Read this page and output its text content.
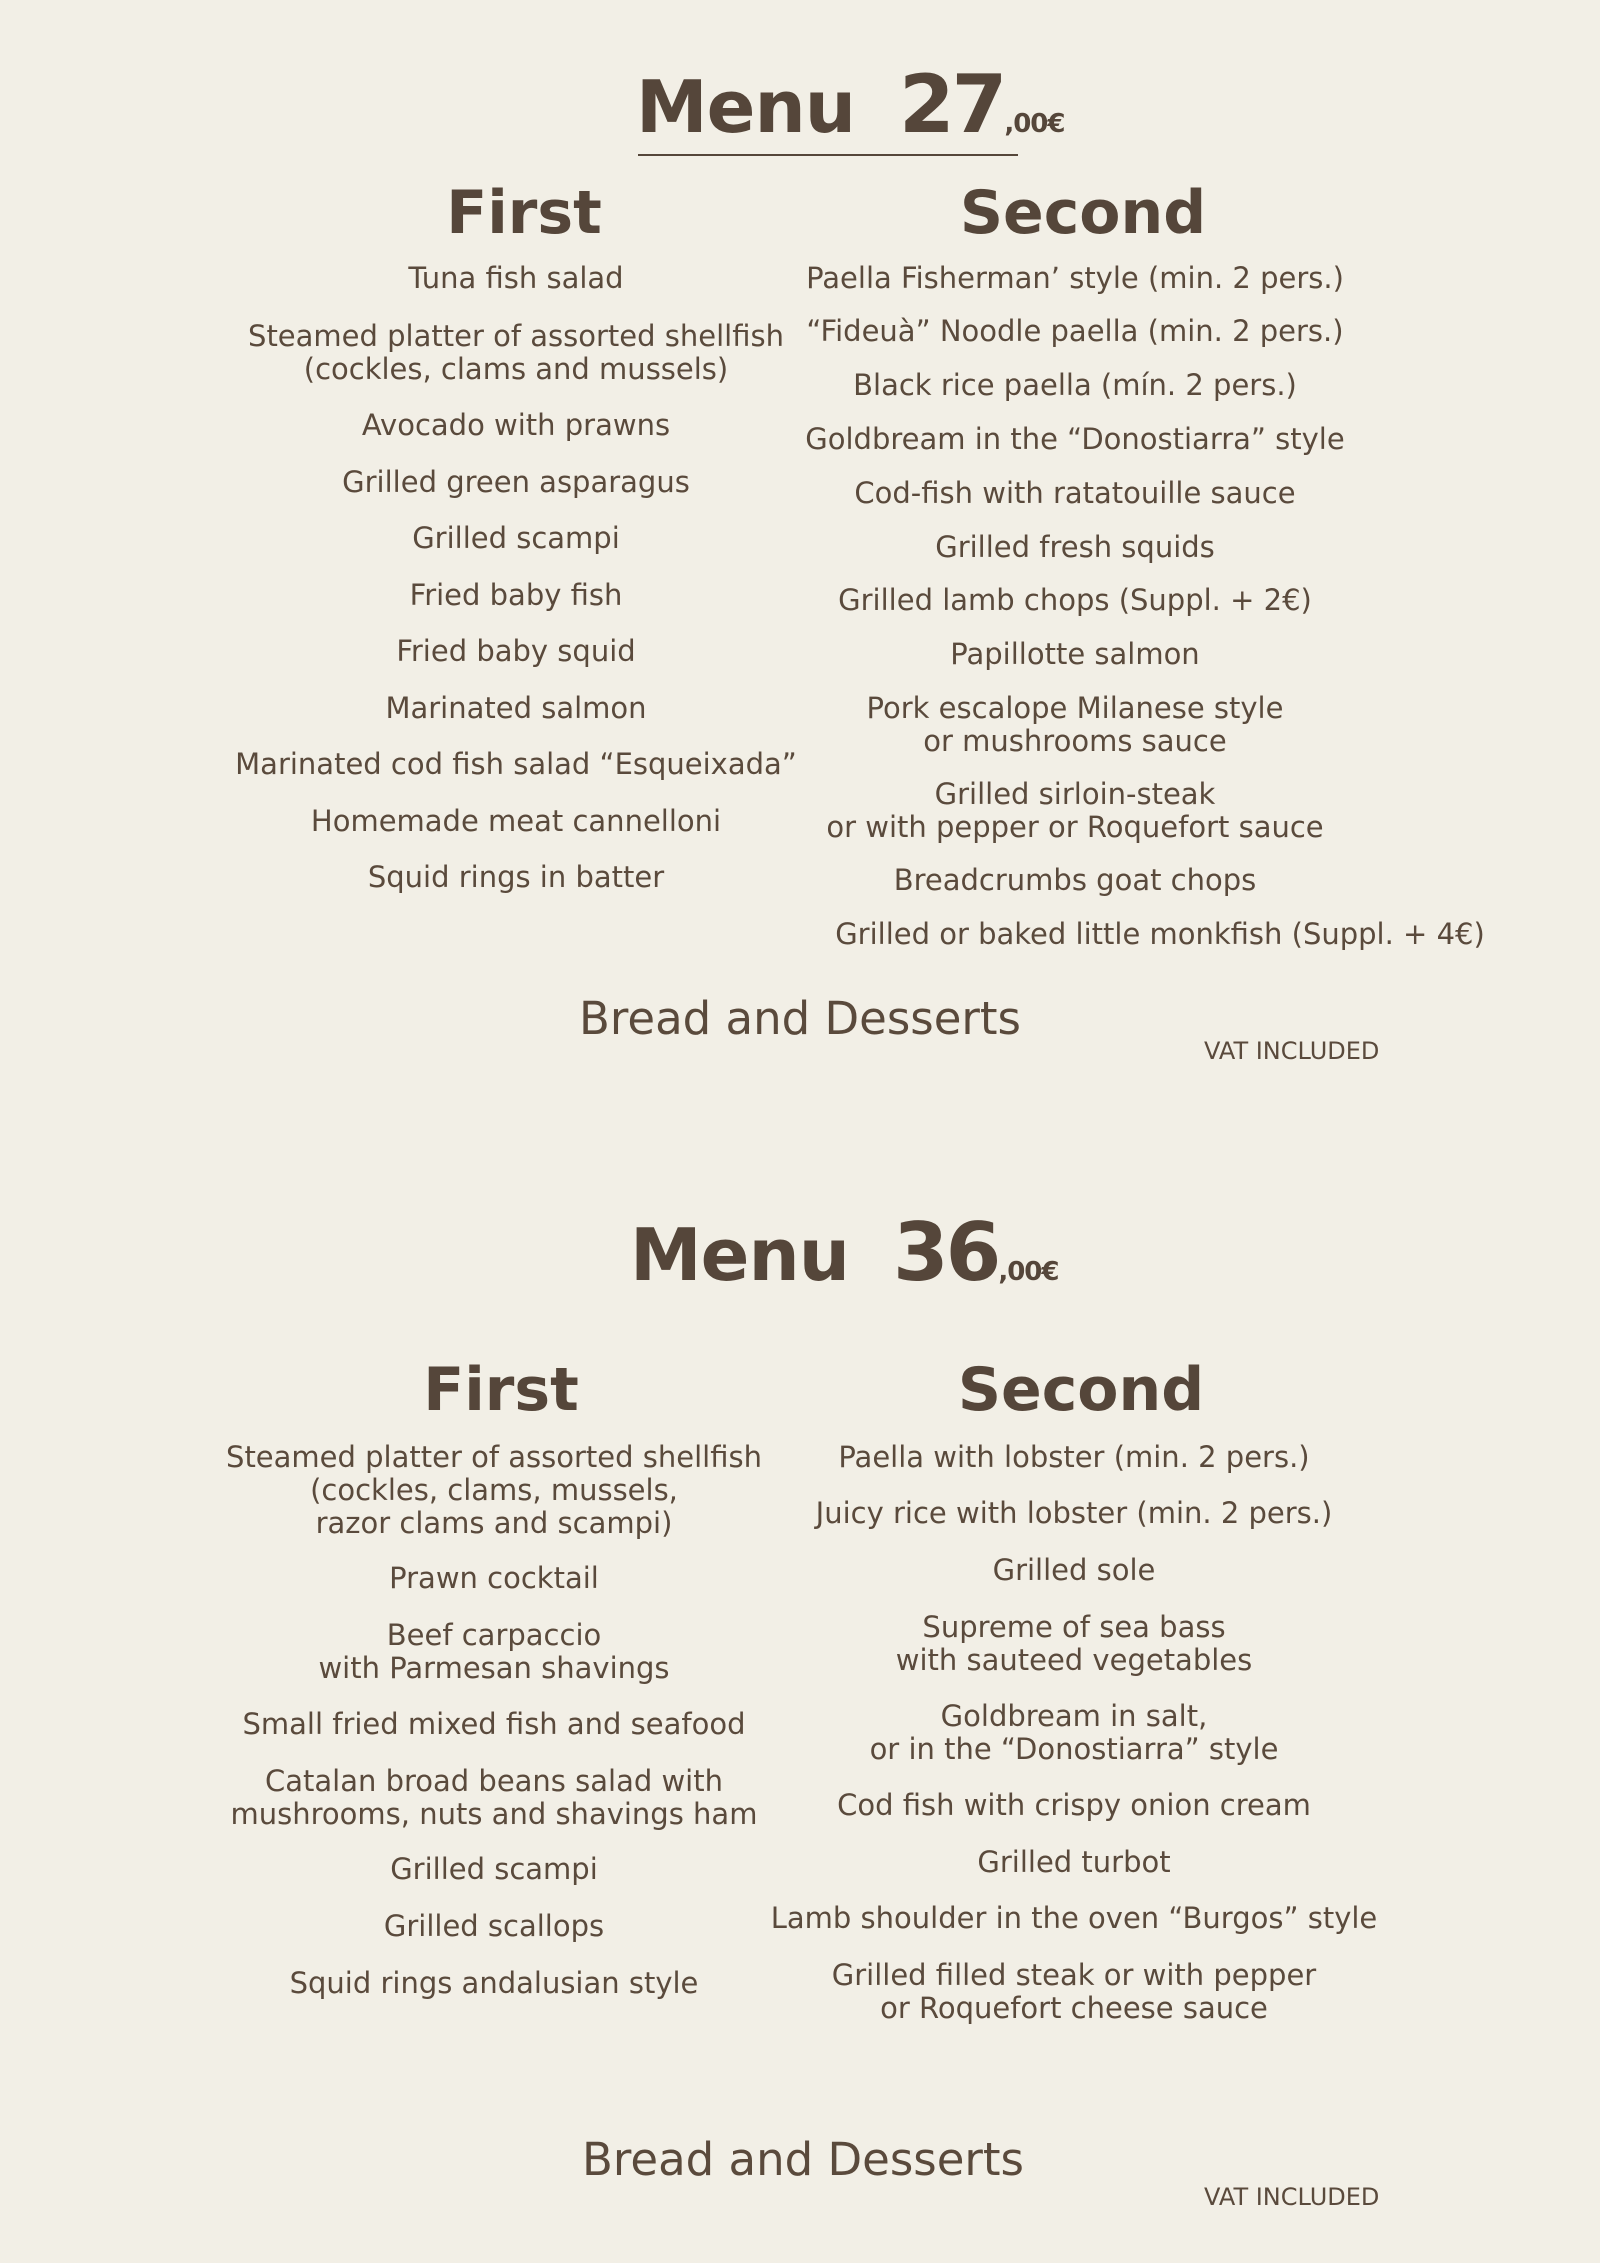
Menu 27 ,00€
First	Second
Tuna fish salad
Steamed platter of assorted shellfish
(cockles, clams and mussels)
Avocado with prawns
Grilled green asparagus
Grilled scampi
Fried baby fish
Fried baby squid
Marinated salmon
Marinated cod fish salad “Esqueixada”
Homemade meat cannelloni
Squid rings in batter
Paella Fisherman’ style (min. 2 pers.)
“Fideuà” Noodle paella (min. 2 pers.)
Black rice paella (mín. 2 pers.)
Goldbream in the “Donostiarra” style
Cod-fish with ratatouille sauce
Grilled fresh squids
Grilled lamb chops (Suppl. + 2€)
Papillotte salmon
Pork escalope Milanese style
or mushrooms sauce
Grilled sirloin-steak
or with pepper or Roquefort sauce
Breadcrumbs goat chops
Grilled or baked little monkfish (Suppl. + 4€)
Bread and Desserts
VAT INCLUDED
Menu 36 ,00€
First	Second
Steamed platter of assorted shellfish
(cockles, clams, mussels,
razor clams and scampi)
Prawn cocktail
Beef carpaccio
with Parmesan shavings
Small fried mixed fish and seafood
Catalan broad beans salad with
mushrooms, nuts and shavings ham
Grilled scampi
Grilled scallops
Squid rings andalusian style
Paella with lobster (min. 2 pers.)
Juicy rice with lobster (min. 2 pers.)
Grilled sole
Supreme of sea bass
with sauteed vegetables
Goldbream in salt,
or in the “Donostiarra” style
Cod fish with crispy onion cream
Grilled turbot
Lamb shoulder in the oven “Burgos” style
Grilled filled steak or with pepper
or Roquefort cheese sauce
Bread and Desserts
VAT INCLUDED
